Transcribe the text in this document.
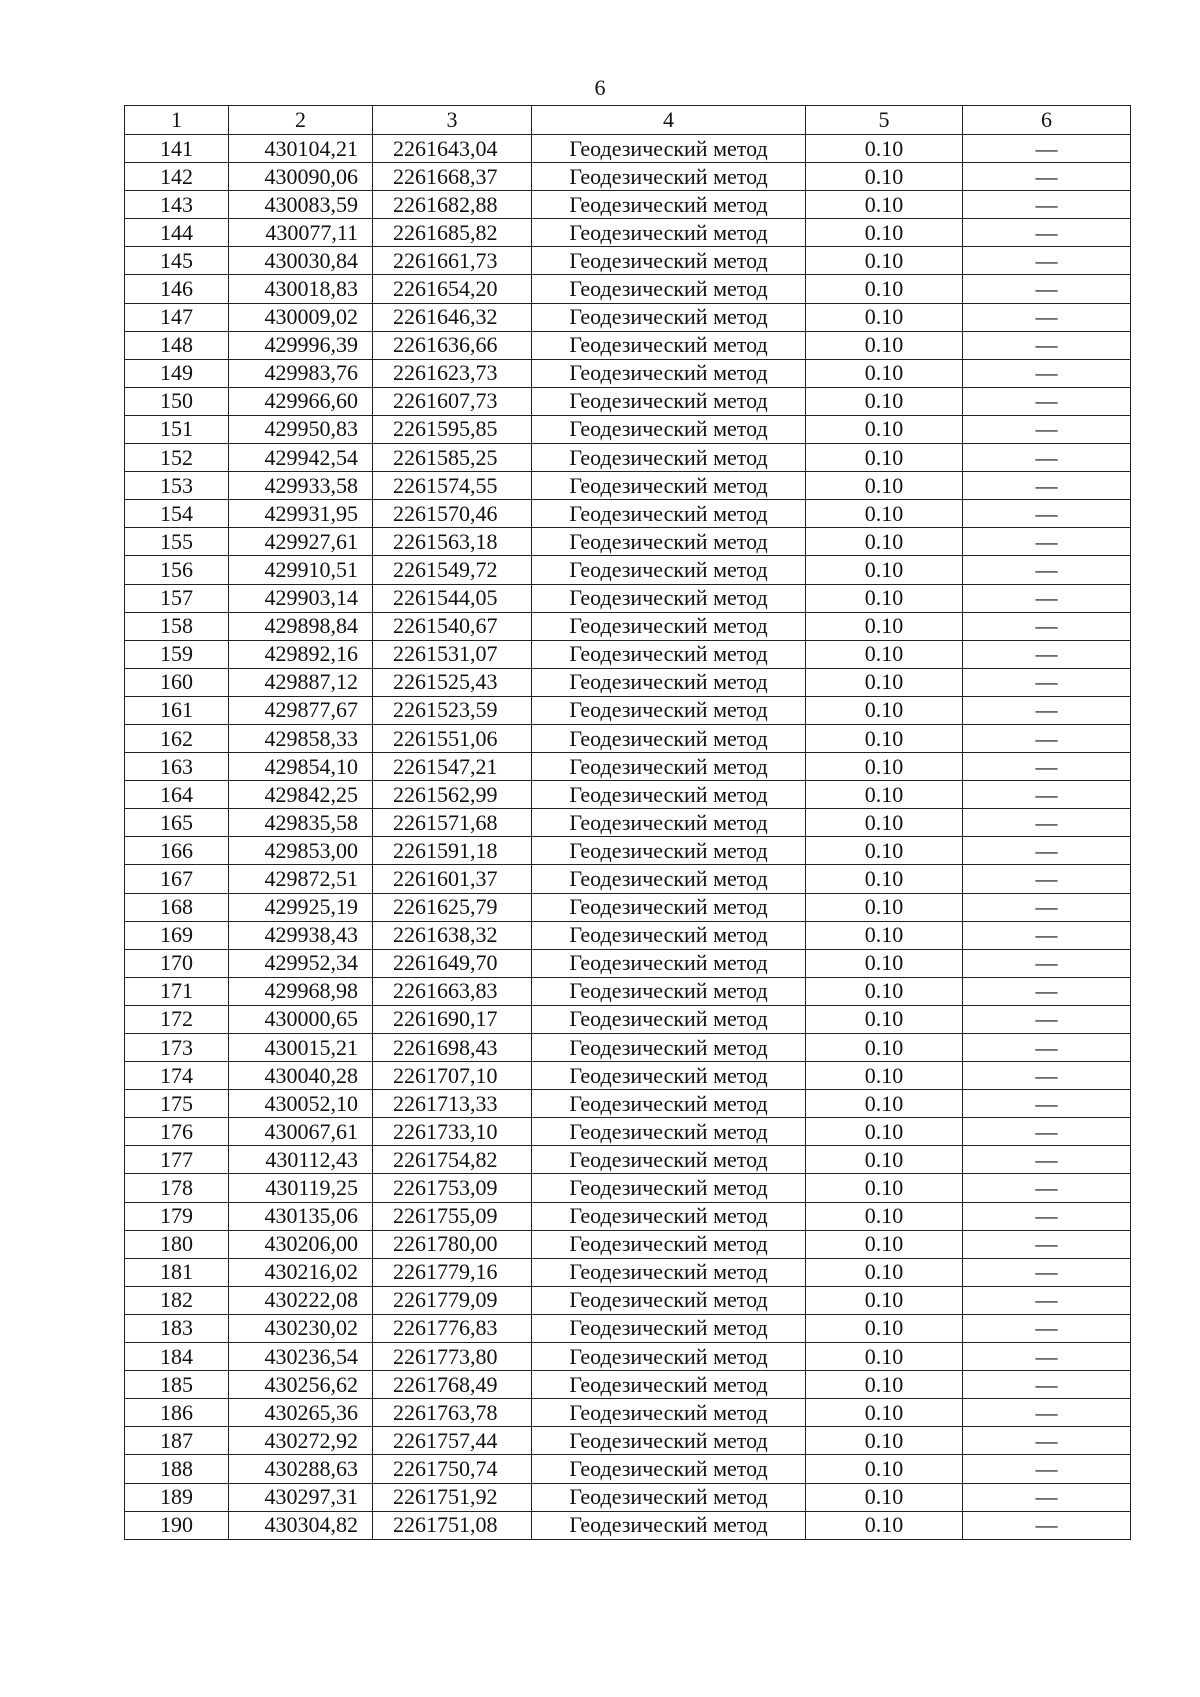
6
1	2	3	4	5	6
141	430104,21	2261643,04	Геодезический метод	0.10	—
142	430090,06	2261668,37	Геодезический метод	0.10	—
143	430083,59	2261682,88	Геодезический метод	0.10	—
144	430077,11	2261685,82	Геодезический метод	0.10	—
145	430030,84	2261661,73	Геодезический метод	0.10	—
146	430018,83	2261654,20	Геодезический метод	0.10	—
147	430009,02	2261646,32	Геодезический метод	0.10	—
148	429996,39	2261636,66	Геодезический метод	0.10	—
149	429983,76	2261623,73	Геодезический метод	0.10	—
150	429966,60	2261607,73	Геодезический метод	0.10	—
151	429950,83	2261595,85	Геодезический метод	0.10	—
152	429942,54	2261585,25	Геодезический метод	0.10	—
153	429933,58	2261574,55	Геодезический метод	0.10	—
154	429931,95	2261570,46	Геодезический метод	0.10	—
155	429927,61	2261563,18	Геодезический метод	0.10	—
156	429910,51	2261549,72	Геодезический метод	0.10	—
157	429903,14	2261544,05	Геодезический метод	0.10	—
158	429898,84	2261540,67	Геодезический метод	0.10	—
159	429892,16	2261531,07	Геодезический метод	0.10	—
160	429887,12	2261525,43	Геодезический метод	0.10	—
161	429877,67	2261523,59	Геодезический метод	0.10	—
162	429858,33	2261551,06	Геодезический метод	0.10	—
163	429854,10	2261547,21	Геодезический метод	0.10	—
164	429842,25	2261562,99	Геодезический метод	0.10	—
165	429835,58	2261571,68	Геодезический метод	0.10	—
166	429853,00	2261591,18	Геодезический метод	0.10	—
167	429872,51	2261601,37	Геодезический метод	0.10	—
168	429925,19	2261625,79	Геодезический метод	0.10	—
169	429938,43	2261638,32	Геодезический метод	0.10	—
170	429952,34	2261649,70	Геодезический метод	0.10	—
171	429968,98	2261663,83	Геодезический метод	0.10	—
172	430000,65	2261690,17	Геодезический метод	0.10	—
173	430015,21	2261698,43	Геодезический метод	0.10	—
174	430040,28	2261707,10	Геодезический метод	0.10	—
175	430052,10	2261713,33	Геодезический метод	0.10	—
176	430067,61	2261733,10	Геодезический метод	0.10	—
177	430112,43	2261754,82	Геодезический метод	0.10	—
178	430119,25	2261753,09	Геодезический метод	0.10	—
179	430135,06	2261755,09	Геодезический метод	0.10	—
180	430206,00	2261780,00	Геодезический метод	0.10	—
181	430216,02	2261779,16	Геодезический метод	0.10	—
182	430222,08	2261779,09	Геодезический метод	0.10	—
183	430230,02	2261776,83	Геодезический метод	0.10	—
184	430236,54	2261773,80	Геодезический метод	0.10	—
185	430256,62	2261768,49	Геодезический метод	0.10	—
186	430265,36	2261763,78	Геодезический метод	0.10	—
187	430272,92	2261757,44	Геодезический метод	0.10	—
188	430288,63	2261750,74	Геодезический метод	0.10	—
189	430297,31	2261751,92	Геодезический метод	0.10	—
190	430304,82	2261751,08	Геодезический метод	0.10	—
